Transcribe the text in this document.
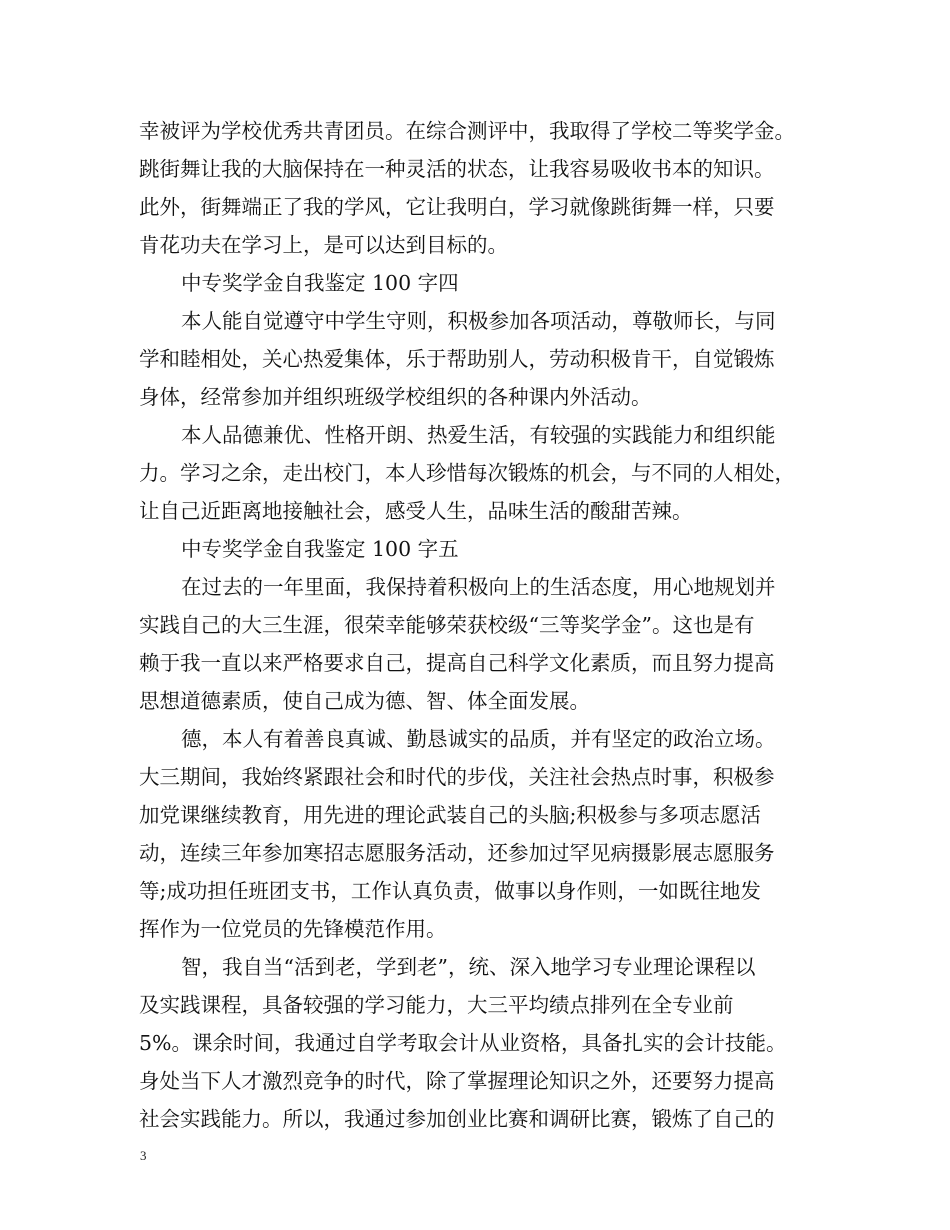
幸被评为学校优秀共青团员。在综合测评中，我取得了学校二等奖学金。
跳街舞让我的大脑保持在一种灵活的状态，让我容易吸收书本的知识。
此外，街舞端正了我的学风，它让我明白，学习就像跳街舞一样，只要
肯花功夫在学习上，是可以达到目标的。
中专奖学金自我鉴定 100 字四
本人能自觉遵守中学生守则，积极参加各项活动，尊敬师长，与同
学和睦相处，关心热爱集体，乐于帮助别人，劳动积极肯干，自觉锻炼
身体，经常参加并组织班级学校组织的各种课内外活动。
本人品德兼优、性格开朗、热爱生活，有较强的实践能力和组织能
力。学习之余，走出校门，本人珍惜每次锻炼的机会，与不同的人相处，
让自己近距离地接触社会，感受人生，品味生活的酸甜苦辣。
中专奖学金自我鉴定 100 字五
在过去的一年里面，我保持着积极向上的生活态度，用心地规划并
实践自己的大三生涯，很荣幸能够荣获校级“三等奖学金”。这也是有
赖于我一直以来严格要求自己，提高自己科学文化素质，而且努力提高
思想道德素质，使自己成为德、智、体全面发展。
德，本人有着善良真诚、勤恳诚实的品质，并有坚定的政治立场。
大三期间，我始终紧跟社会和时代的步伐，关注社会热点时事，积极参
加党课继续教育，用先进的理论武装自己的头脑;积极参与多项志愿活
动，连续三年参加寒招志愿服务活动，还参加过罕见病摄影展志愿服务
等;成功担任班团支书，工作认真负责，做事以身作则，一如既往地发
挥作为一位党员的先锋模范作用。
智，我自当“活到老，学到老”，统、深入地学习专业理论课程以
及实践课程，具备较强的学习能力，大三平均绩点排列在全专业前
5%。课余时间，我通过自学考取会计从业资格，具备扎实的会计技能。
身处当下人才激烈竞争的时代，除了掌握理论知识之外，还要努力提高
社会实践能力。所以，我通过参加创业比赛和调研比赛，锻炼了自己的
3
